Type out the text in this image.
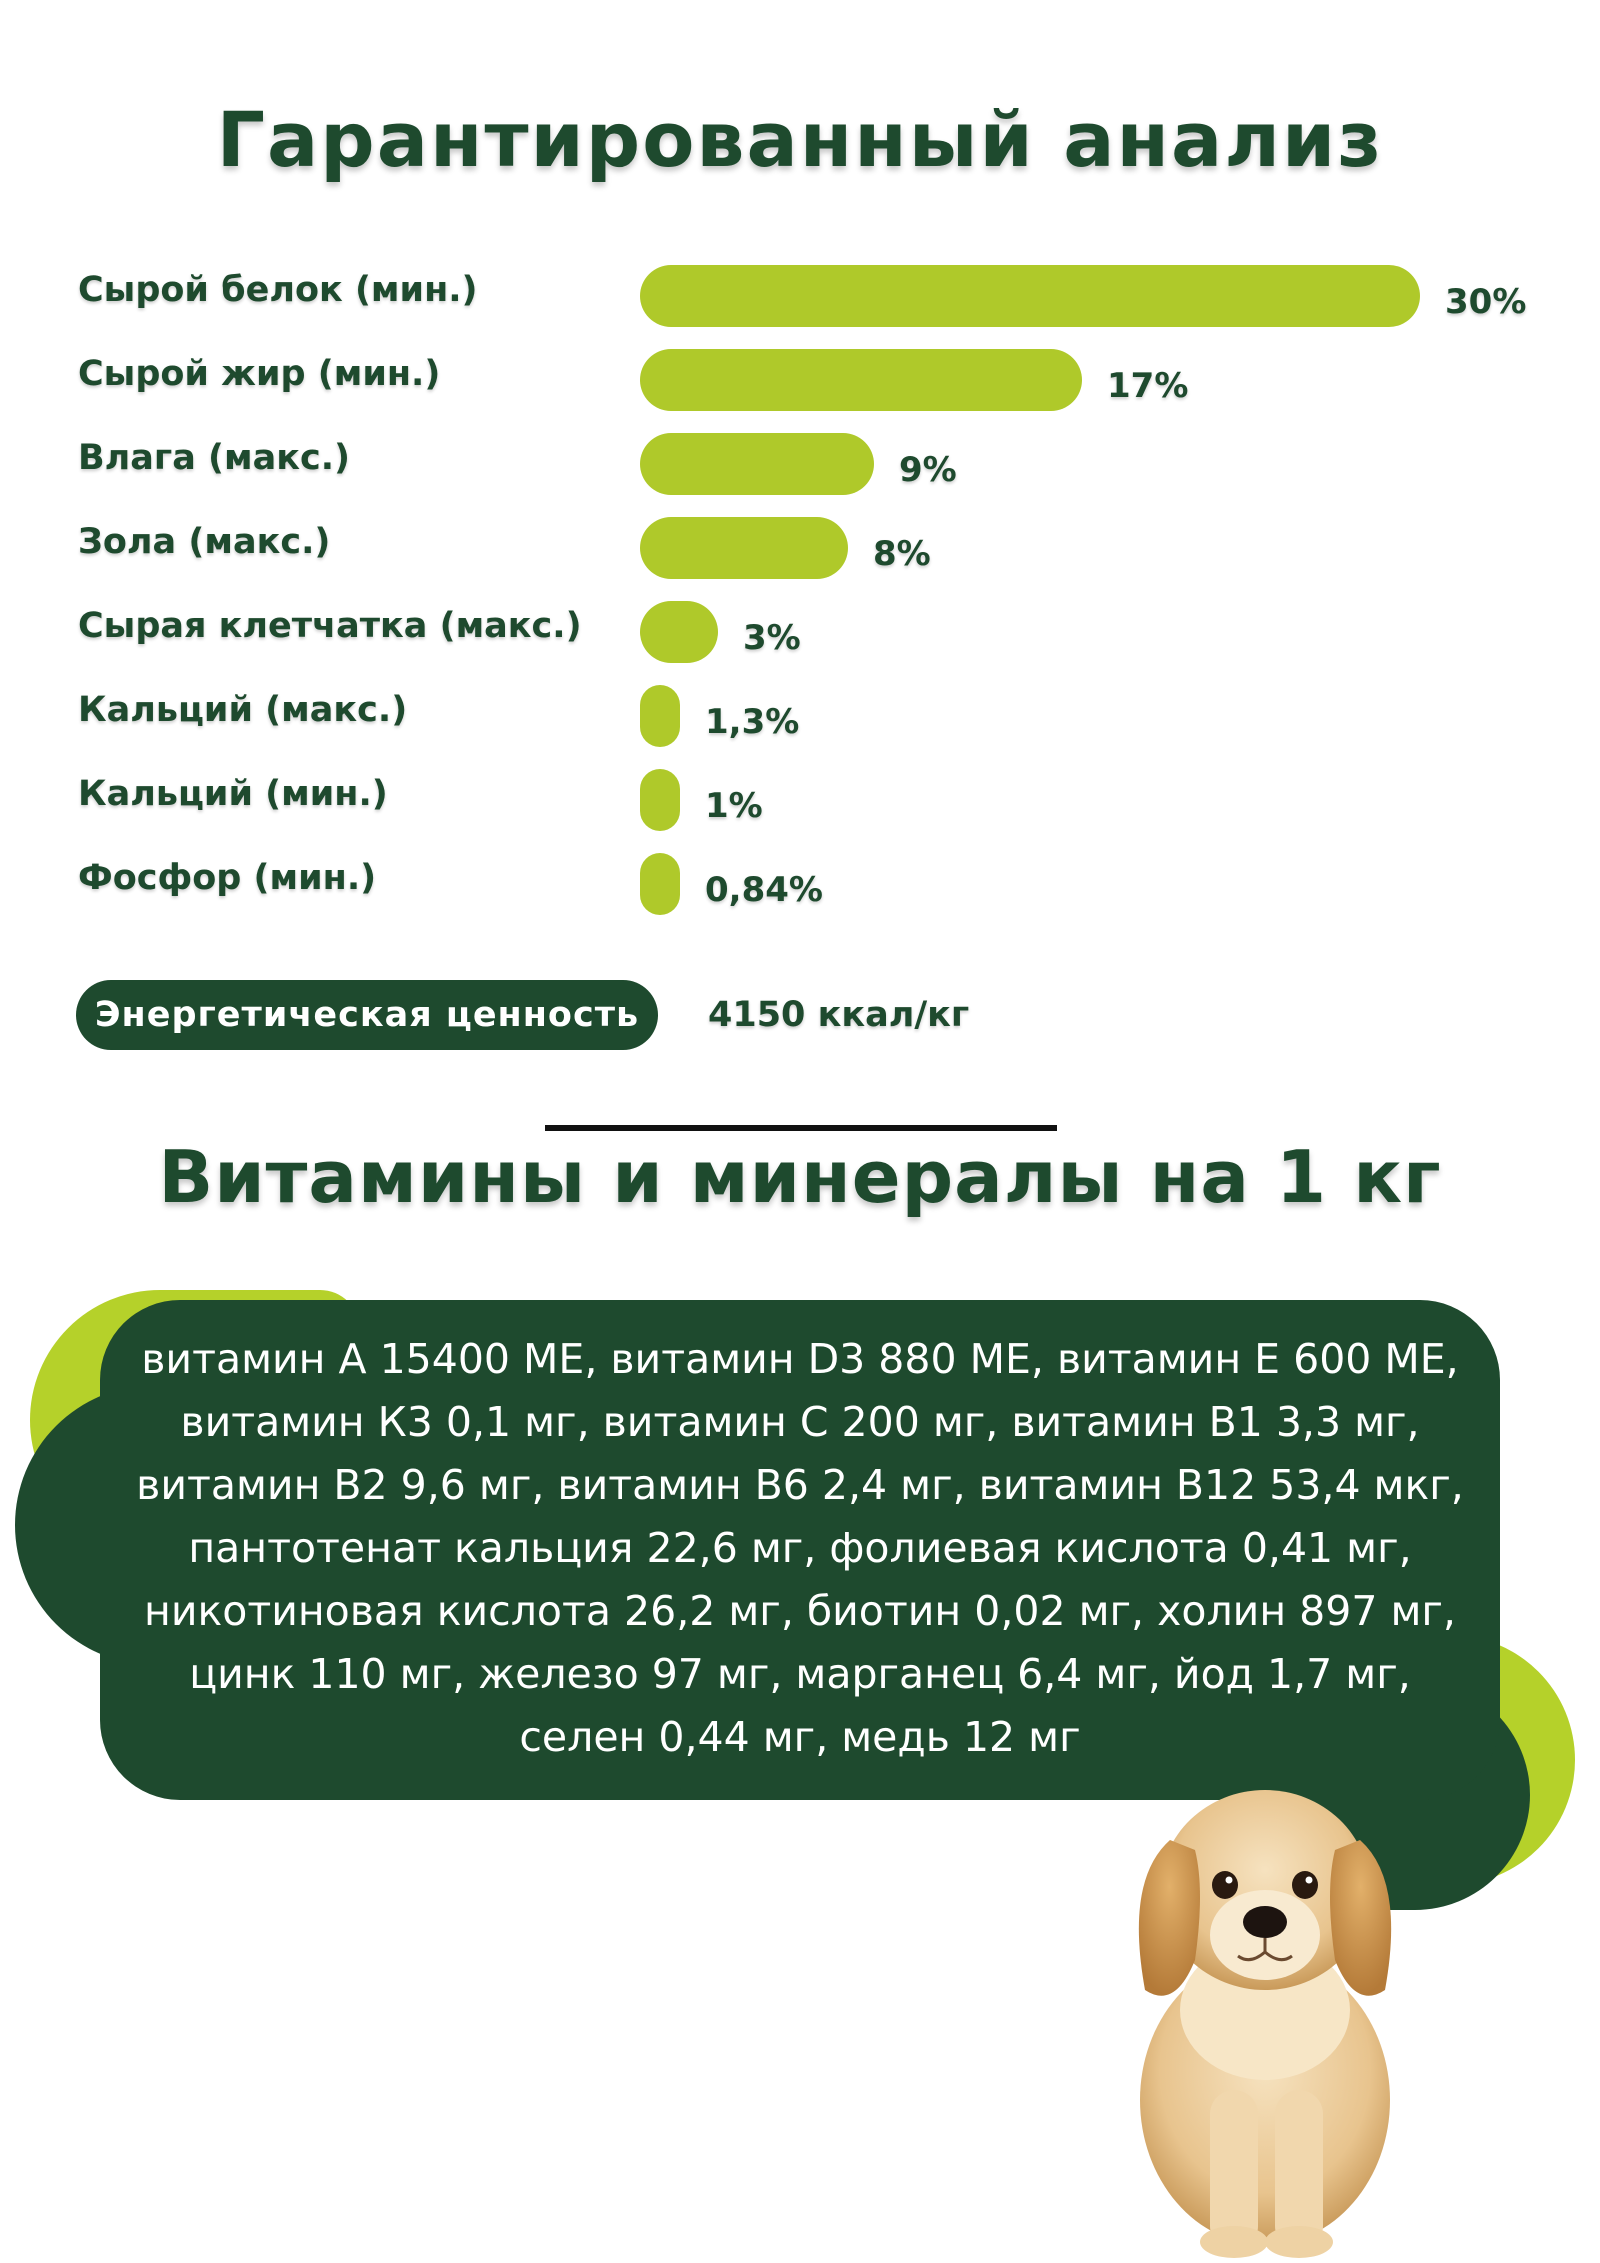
Гарантированный анализ
Сырой белок (мин.)	30%
Сырой жир (мин.)	17%
Влага (макс.)	9%
Зола (макс.)	8%
Сырая клетчатка (макс.)	3%
Кальций (макс.)	1,3%
Кальций (мин.)	1%
Фосфор (мин.)	0,84%
Энергетическая ценность	4150 ккал/кг
Витамины и минералы на 1 кг
витамин А 15400 МЕ, витамин D3 880 МЕ, витамин Е 600 МЕ, витамин К3 0,1 мг, витамин С 200 мг, витамин В1 3,3 мг, витамин В2 9,6 мг, витамин В6 2,4 мг, витамин В12 53,4 мкг, пантотенат кальция 22,6 мг, фолиевая кислота 0,41 мг, никотиновая кислота 26,2 мг, биотин 0,02 мг, холин 897 мг, цинк 110 мг, железо 97 мг, марганец 6,4 мг, йод 1,7 мг, селен 0,44 мг, медь 12 мг
